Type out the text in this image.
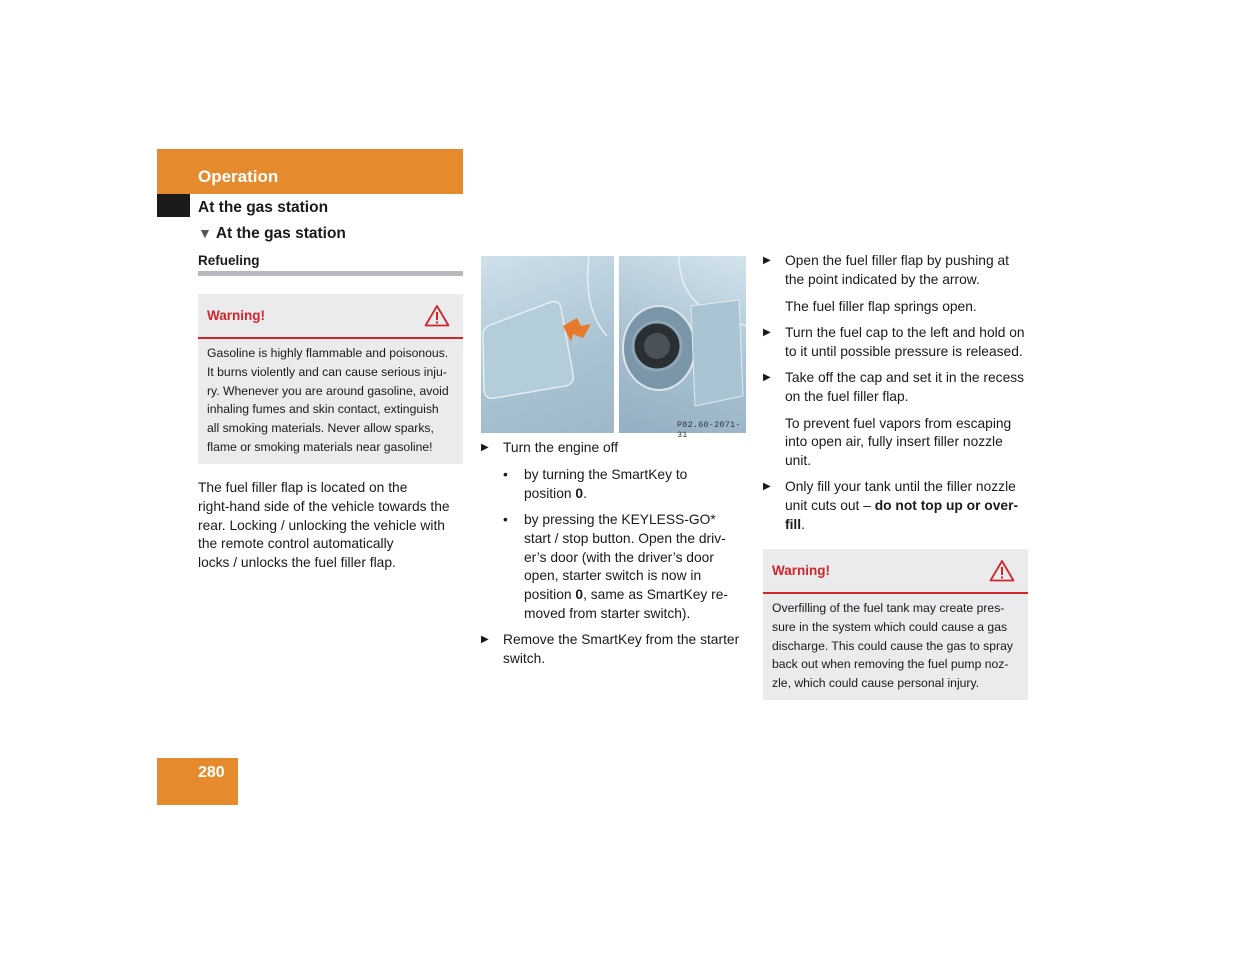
Operation
At the gas station
▼ At the gas station
Refueling
Warning!
Gasoline is highly flammable and poisonous.
It burns violently and can cause serious inju-
ry. Whenever you are around gasoline, avoid
inhaling fumes and skin contact, extinguish
all smoking materials. Never allow sparks,
flame or smoking materials near gasoline!
The fuel filler flap is located on the
right-hand side of the vehicle towards the
rear. Locking / unlocking the vehicle with
the remote control automatically
locks / unlocks the fuel filler flap.
P82.60-2071-31
▶ Turn the engine off
• by turning the SmartKey to
position 0.
• by pressing the KEYLESS-GO*
start / stop button. Open the driv-
er’s door (with the driver’s door
open, starter switch is now in
position 0, same as SmartKey re-
moved from starter switch).
▶ Remove the SmartKey from the starter
switch.
▶ Open the fuel filler flap by pushing at
the point indicated by the arrow.
The fuel filler flap springs open.
▶ Turn the fuel cap to the left and hold on
to it until possible pressure is released.
▶ Take off the cap and set it in the recess
on the fuel filler flap.
To prevent fuel vapors from escaping
into open air, fully insert filler nozzle
unit.
▶ Only fill your tank until the filler nozzle
unit cuts out – do not top up or over-
fill.
Warning!
Overfilling of the fuel tank may create pres-
sure in the system which could cause a gas
discharge. This could cause the gas to spray
back out when removing the fuel pump noz-
zle, which could cause personal injury.
280
